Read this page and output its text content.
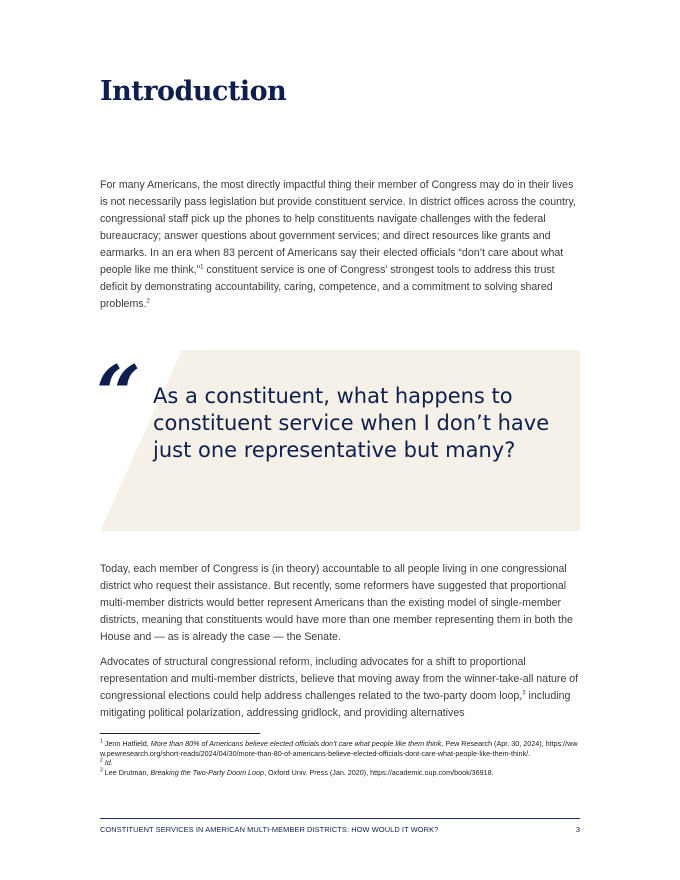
Introduction

For many Americans, the most directly impactful thing their member of Congress may do in their lives is not necessarily pass legislation but provide constituent service. In district offices across the country, congressional staff pick up the phones to help constituents navigate challenges with the federal bureaucracy; answer questions about government services; and direct resources like grants and earmarks. In an era when 83 percent of Americans say their elected officials “don’t care about what people like me think,”$^1$ constituent service is one of Congress’ strongest tools to address this trust deficit by demonstrating accountability, caring, competence, and a commitment to solving shared problems.$^2$

“ As a constituent, what happens to constituent service when I don’t have just one representative but many?

Today, each member of Congress is (in theory) accountable to all people living in one congressional district who request their assistance. But recently, some reformers have suggested that proportional multi-member districts would better represent Americans than the existing model of single-member districts, meaning that constituents would have more than one member representing them in both the House and — as is already the case — the Senate.

Advocates of structural congressional reform, including advocates for a shift to proportional representation and multi-member districts, believe that moving away from the winner-take-all nature of congressional elections could help address challenges related to the two-party doom loop,$^3$ including mitigating political polarization, addressing gridlock, and providing alternatives

$^1$ Jenn Hatfield, More than 80% of Americans believe elected officials don’t care what people like them think, Pew Research (Apr. 30, 2024), https://www.pewresearch.org/short-reads/2024/04/30/more-than-80-of-americans-believe-elected-officials-dont-care-what-people-like-them-think/.

$^2$ Id.

$^3$ Lee Drutman, Breaking the Two-Party Doom Loop, Oxford Univ. Press (Jan. 2020), https://academic.oup.com/book/36918.

CONSTITUENT SERVICES IN AMERICAN MULTI-MEMBER DISTRICTS: HOW WOULD IT WORK?	3
